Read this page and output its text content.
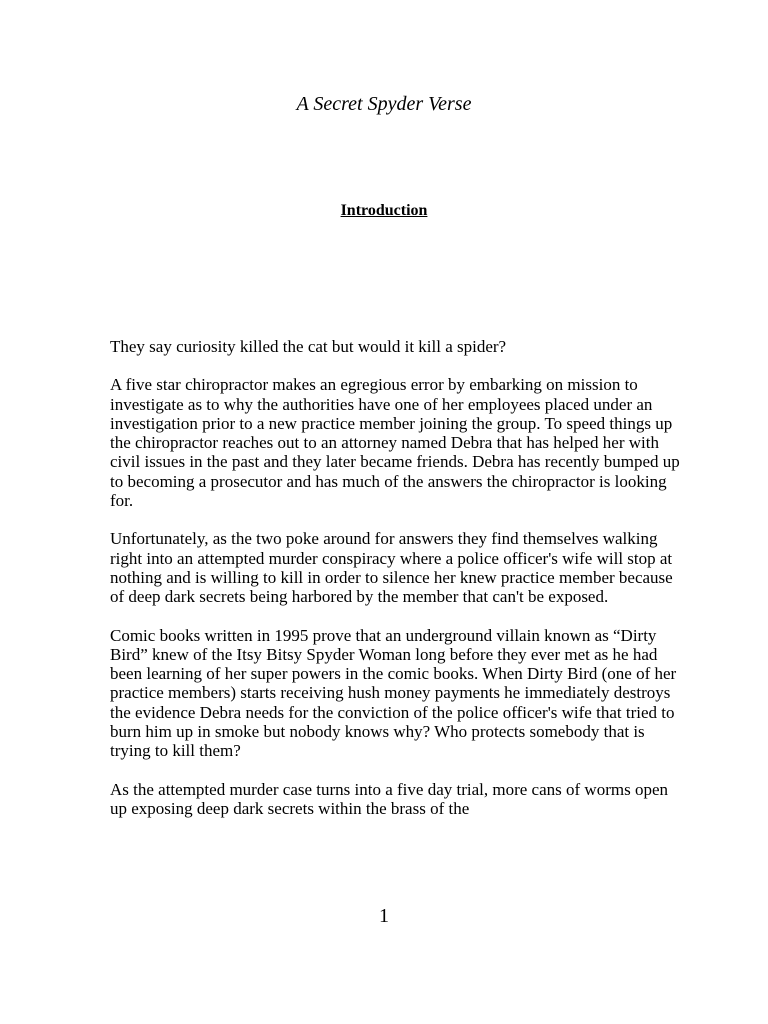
A Secret Spyder Verse
Introduction

They say curiosity killed the cat but would it kill a spider?

A five star chiropractor makes an egregious error by embarking on mission to investigate as to why the authorities have one of her employees placed under an investigation prior to a new practice member joining the group. To speed things up the chiropractor reaches out to an attorney named Debra that has helped her with civil issues in the past and they later became friends. Debra has recently bumped up to becoming a prosecutor and has much of the answers the chiropractor is looking for.

Unfortunately, as the two poke around for answers they find themselves walking right into an attempted murder conspiracy where a police officer's wife will stop at nothing and is willing to kill in order to silence her knew practice member because of deep dark secrets being harbored by the member that can't be exposed.

Comic books written in 1995 prove that an underground villain known as “Dirty Bird” knew of the Itsy Bitsy Spyder Woman long before they ever met as he had been learning of her super powers in the comic books. When Dirty Bird (one of her practice members) starts receiving hush money payments he immediately destroys the evidence Debra needs for the conviction of the police officer's wife that tried to burn him up in smoke but nobody knows why? Who protects somebody that is trying to kill them?

As the attempted murder case turns into a five day trial, more cans of worms open up exposing deep dark secrets within the brass of the

1
